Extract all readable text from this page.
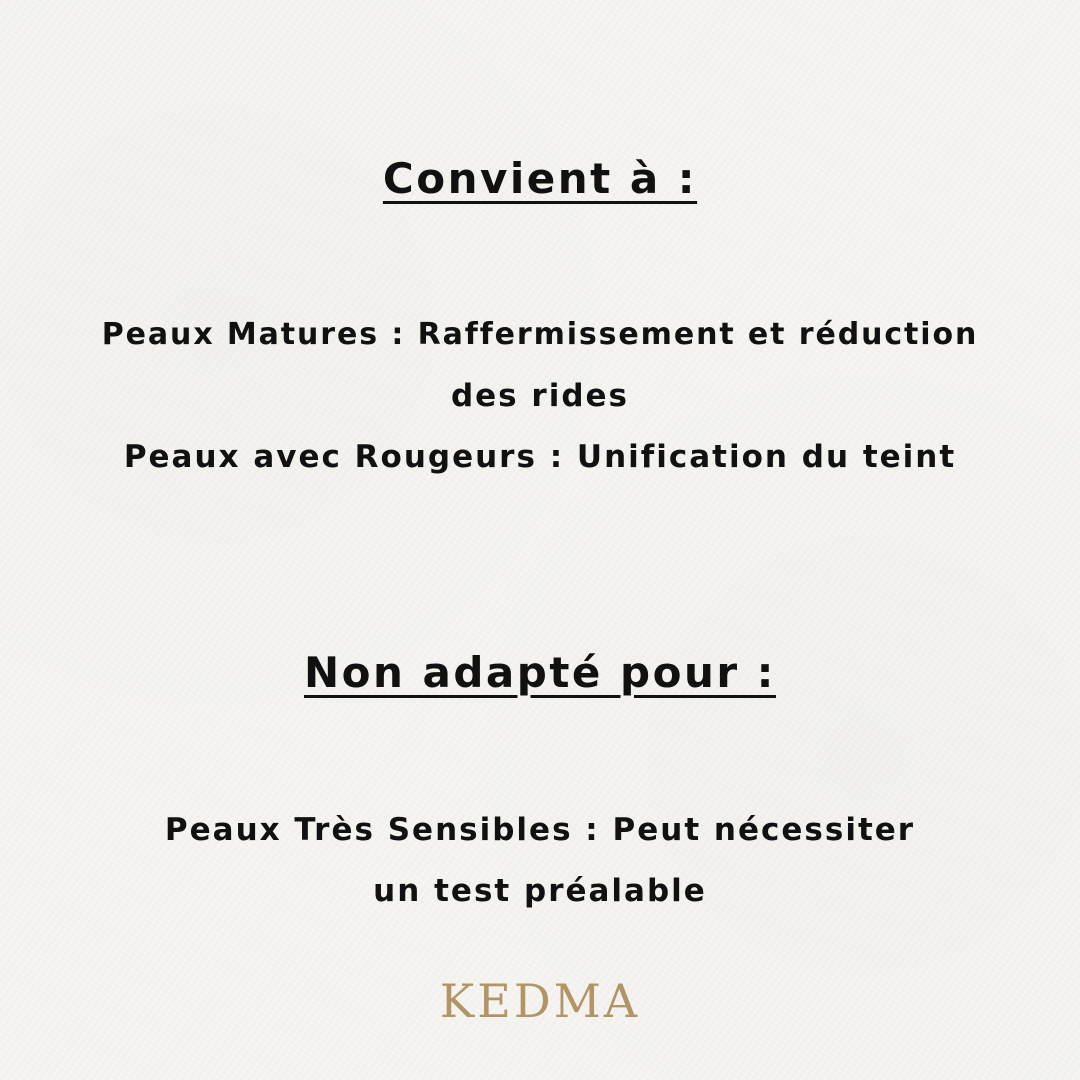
Convient à :

Peaux Matures : Raffermissement et réduction

des rides

Peaux avec Rougeurs : Unification du teint

Non adapté pour :

Peaux Très Sensibles : Peut nécessiter

un test préalable

KEDMA
